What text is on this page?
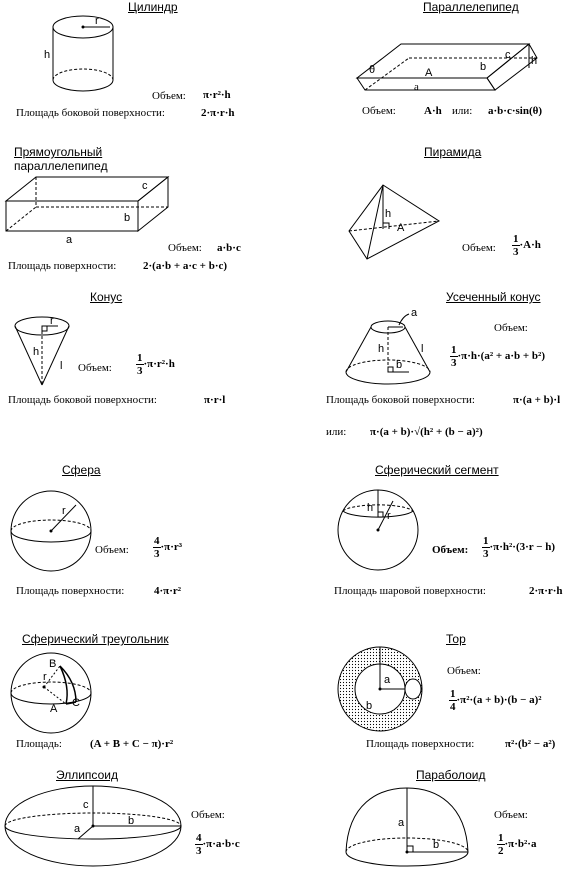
Цилиндр
r
h
Объем: π·r²·h
Площадь боковой поверхности:	2·π·r·h
Параллелепипед
θ	A	b
c h
a
Объем:	A·h или: a·b·c·sin(θ)
Прямоугольный
параллелепипед
c
b
a
Объем: a·b·c
Площадь поверхности: 2·(a·b + a·c + b·c)
Пирамида
h
A
Объем: $\frac{1}{3} \cdot A\cdot h$
Конус
r
h
l Объем: $\frac{1}{3} \cdot\pi\cdot r^2\cdot h$
Площадь боковой поверхности:	π·r·l
Усеченный конус
a
h	l
b
Объем:
$\frac{1}{3} \cdot\pi\cdot h\cdot(a^2 + a\cdot b + b^2)$
Площадь боковой поверхности:	π·(a + b)·l
или: π·(a + b)·√(h² + (b − a)²)
Сфера
r
Объем: $\frac{4}{3} \cdot\pi\cdot r^3$
Площадь поверхности:	4·π·r²
Сферический сегмент
h
r
Объем: $\frac{1}{3} \cdot\pi\cdot h^2\cdot(3\cdot r - h)$
Площадь шаровой поверхности:	2·π·r·h
Сферический треугольник
B
r
A C
Площадь:	(A + B + C − π)·r²
Тор
a
b
Объем:
$\frac{1}{4} \cdot\pi^2\cdot(a + b)\cdot(b - a)^2$
Площадь поверхности:	π²·(b² − a²)
Эллипсоид
c
a
b	Объем:
$\frac{4}{3} \cdot\pi\cdot a\cdot b\cdot c$
Параболоид
a
b
Объем:
$\frac{1}{2} \cdot\pi\cdot b^2\cdot a$
